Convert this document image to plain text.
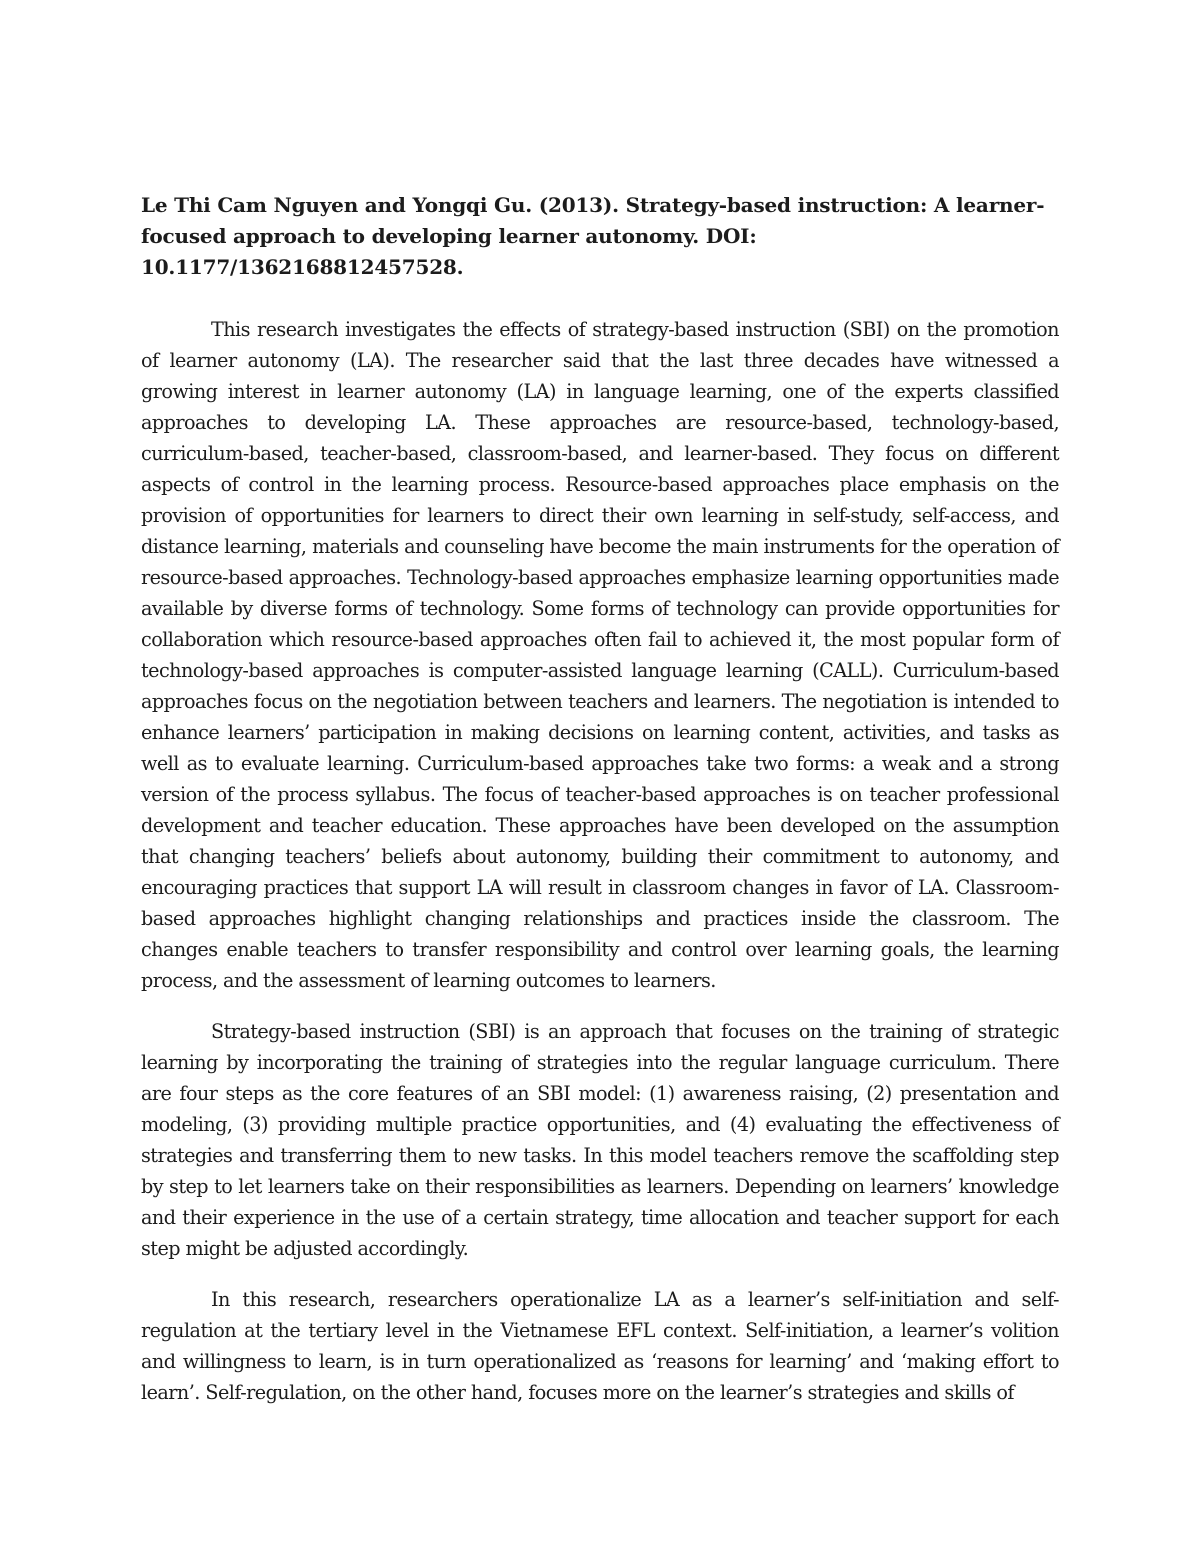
Le Thi Cam Nguyen and Yongqi Gu. (2013). Strategy-based instruction: A learner-focused approach to developing learner autonomy. DOI: 10.1177/1362168812457528.

This research investigates the effects of strategy-based instruction (SBI) on the promotion of learner autonomy (LA). The researcher said that the last three decades have witnessed a growing interest in learner autonomy (LA) in language learning, one of the experts classified approaches to developing LA. These approaches are resource-based, technology-based, curriculum-based, teacher-based, classroom-based, and learner-based. They focus on different aspects of control in the learning process. Resource-based approaches place emphasis on the provision of opportunities for learners to direct their own learning in self-study, self-access, and distance learning, materials and counseling have become the main instruments for the operation of resource-based approaches. Technology-based approaches emphasize learning opportunities made available by diverse forms of technology. Some forms of technology can provide opportunities for collaboration which resource-based approaches often fail to achieved it, the most popular form of technology-based approaches is computer-assisted language learning (CALL). Curriculum-based approaches focus on the negotiation between teachers and learners. The negotiation is intended to enhance learners’ participation in making decisions on learning content, activities, and tasks as well as to evaluate learning. Curriculum-based approaches take two forms: a weak and a strong version of the process syllabus. The focus of teacher-based approaches is on teacher professional development and teacher education. These approaches have been developed on the assumption that changing teachers’ beliefs about autonomy, building their commitment to autonomy, and encouraging practices that support LA will result in classroom changes in favor of LA. Classroom-based approaches highlight changing relationships and practices inside the classroom. The changes enable teachers to transfer responsibility and control over learning goals, the learning process, and the assessment of learning outcomes to learners.

Strategy-based instruction (SBI) is an approach that focuses on the training of strategic learning by incorporating the training of strategies into the regular language curriculum. There are four steps as the core features of an SBI model: (1) awareness raising, (2) presentation and modeling, (3) providing multiple practice opportunities, and (4) evaluating the effectiveness of strategies and transferring them to new tasks. In this model teachers remove the scaffolding step by step to let learners take on their responsibilities as learners. Depending on learners’ knowledge and their experience in the use of a certain strategy, time allocation and teacher support for each step might be adjusted accordingly.

In this research, researchers operationalize LA as a learner’s self-initiation and self-regulation at the tertiary level in the Vietnamese EFL context. Self-initiation, a learner’s volition and willingness to learn, is in turn operationalized as ‘reasons for learning’ and ‘making effort to learn’. Self-regulation, on the other hand, focuses more on the learner’s strategies and skills of
